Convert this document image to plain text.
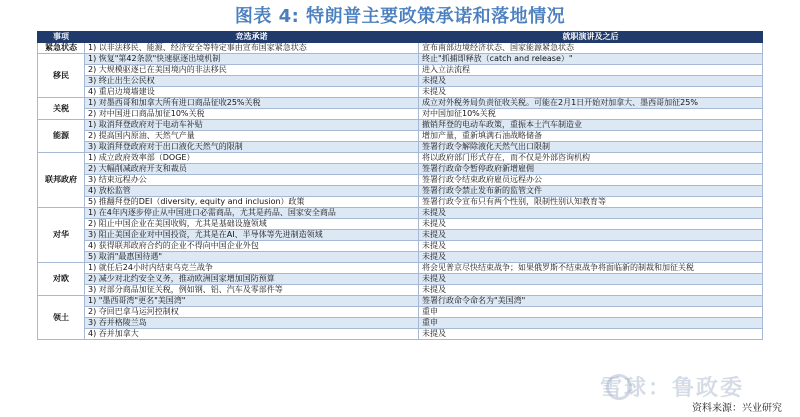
图表 4: 特朗普主要政策承诺和落地情况
事项	竞选承诺	就职演讲及之后
紧急状态	1) 以非法移民、能源、经济安全等特定事由宣布国家紧急状态	宣布南部边境经济状态、国家能源紧急状态
移民	1) 恢复"第42条款"快速驱逐出境机制	终止"抓捕即释放（catch and release）"
	2) 大规模驱逐已在美国境内的非法移民	进入立法流程
	3) 终止出生公民权	未提及
	4) 重启边境墙建设	未提及
关税	1) 对墨西哥和加拿大所有进口商品征收25%关税	成立对外税务局负责征收关税。可能在2月1日开始对加拿大、墨西哥加征25%
	2) 对中国进口商品加征10%关税	对中国加征10%关税
能源	1) 取消拜登政府对于电动车补贴	撤销拜登的电动车政策，重振本土汽车制造业
	2) 提高国内原油、天然气产量	增加产量，重新填满石油战略储备
	3) 取消拜登政府对于出口液化天然气的限制	签署行政令解除液化天然气出口限制
联邦政府	1) 成立政府效率部（DOGE）	将以政府部门形式存在，而不仅是外部咨询机构
	2) 大幅削减政府开支和裁员	签署行政命令暂停政府新增雇佣
	3) 结束远程办公	签署行政令结束政府雇员远程办公
	4) 放松监管	签署行政令禁止发布新的监管文件
	5) 推翻拜登的DEI（diversity, equity and inclusion）政策	签署行政令宣布只有两个性别，限制性别认知教育等
对华	1) 在4年内逐步停止从中国进口必需商品，尤其是药品、国家安全商品	未提及
	2) 阻止中国企业在美国收购，尤其是基础设施领域	未提及
	3) 阻止美国企业对中国投资，尤其是在AI、半导体等先进制造领域	未提及
	4) 获得联邦政府合约的企业不得向中国企业外包	未提及
	5) 取消"最惠国待遇"	未提及
对欧	1) 就任后24小时内结束乌克兰战争	将会见普京尽快结束战争；如果俄罗斯不结束战争将面临新的制裁和加征关税
	2) 减少对北约安全义务，推动欧洲国家增加国防预算	未提及
	3) 对部分商品加征关税，例如钢、铝、汽车及零部件等	未提及
领土	1) "墨西哥湾"更名"美国湾"	签署行政命令命名为"美国湾"
	2) 夺回巴拿马运河控制权	重申
	3) 吞并格陵兰岛	重申
	4) 吞并加拿大	未提及
雪球：鲁政委
资料来源：兴业研究
